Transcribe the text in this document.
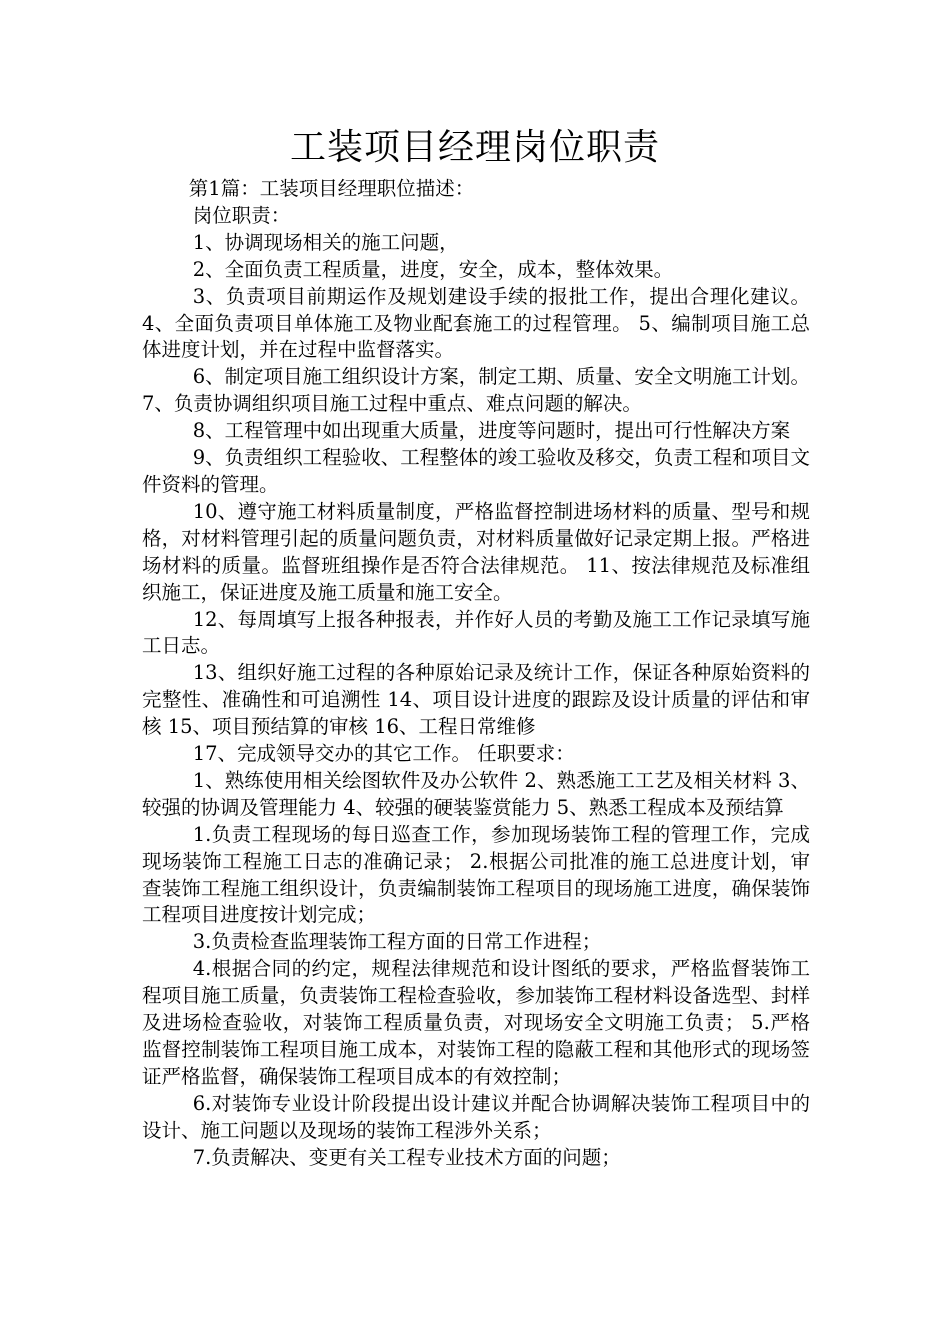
工装项目经理岗位职责

第1篇：工装项目经理职位描述：

岗位职责：

1、协调现场相关的施工问题，

2、全面负责工程质量，进度，安全，成本，整体效果。

3、负责项目前期运作及规划建设手续的报批工作，提出合理化建议。 4、全面负责项目单体施工及物业配套施工的过程管理。 5、编制项目施工总体进度计划，并在过程中监督落实。

6、制定项目施工组织设计方案，制定工期、质量、安全文明施工计划。 7、负责协调组织项目施工过程中重点、难点问题的解决。

8、工程管理中如出现重大质量，进度等问题时，提出可行性解决方案

9、负责组织工程验收、工程整体的竣工验收及移交，负责工程和项目文件资料的管理。

10、遵守施工材料质量制度，严格监督控制进场材料的质量、型号和规格，对材料管理引起的质量问题负责，对材料质量做好记录定期上报。严格进场材料的质量。监督班组操作是否符合法律规范。 11、按法律规范及标准组织施工，保证进度及施工质量和施工安全。

12、每周填写上报各种报表，并作好人员的考勤及施工工作记录填写施工日志。

13、组织好施工过程的各种原始记录及统计工作，保证各种原始资料的完整性、准确性和可追溯性 14、项目设计进度的跟踪及设计质量的评估和审核 15、项目预结算的审核 16、工程日常维修

17、完成领导交办的其它工作。 任职要求：

1、熟练使用相关绘图软件及办公软件 2、熟悉施工工艺及相关材料 3、较强的协调及管理能力 4、较强的硬装鉴赏能力 5、熟悉工程成本及预结算

1.负责工程现场的每日巡查工作，参加现场装饰工程的管理工作，完成现场装饰工程施工日志的准确记录； 2.根据公司批准的施工总进度计划，审查装饰工程施工组织设计，负责编制装饰工程项目的现场施工进度，确保装饰工程项目进度按计划完成；

3.负责检查监理装饰工程方面的日常工作进程；

4.根据合同的约定，规程法律规范和设计图纸的要求，严格监督装饰工程项目施工质量，负责装饰工程检查验收，参加装饰工程材料设备选型、封样及进场检查验收，对装饰工程质量负责，对现场安全文明施工负责； 5.严格监督控制装饰工程项目施工成本，对装饰工程的隐蔽工程和其他形式的现场签证严格监督，确保装饰工程项目成本的有效控制；

6.对装饰专业设计阶段提出设计建议并配合协调解决装饰工程项目中的设计、施工问题以及现场的装饰工程涉外关系；

7.负责解决、变更有关工程专业技术方面的问题；
